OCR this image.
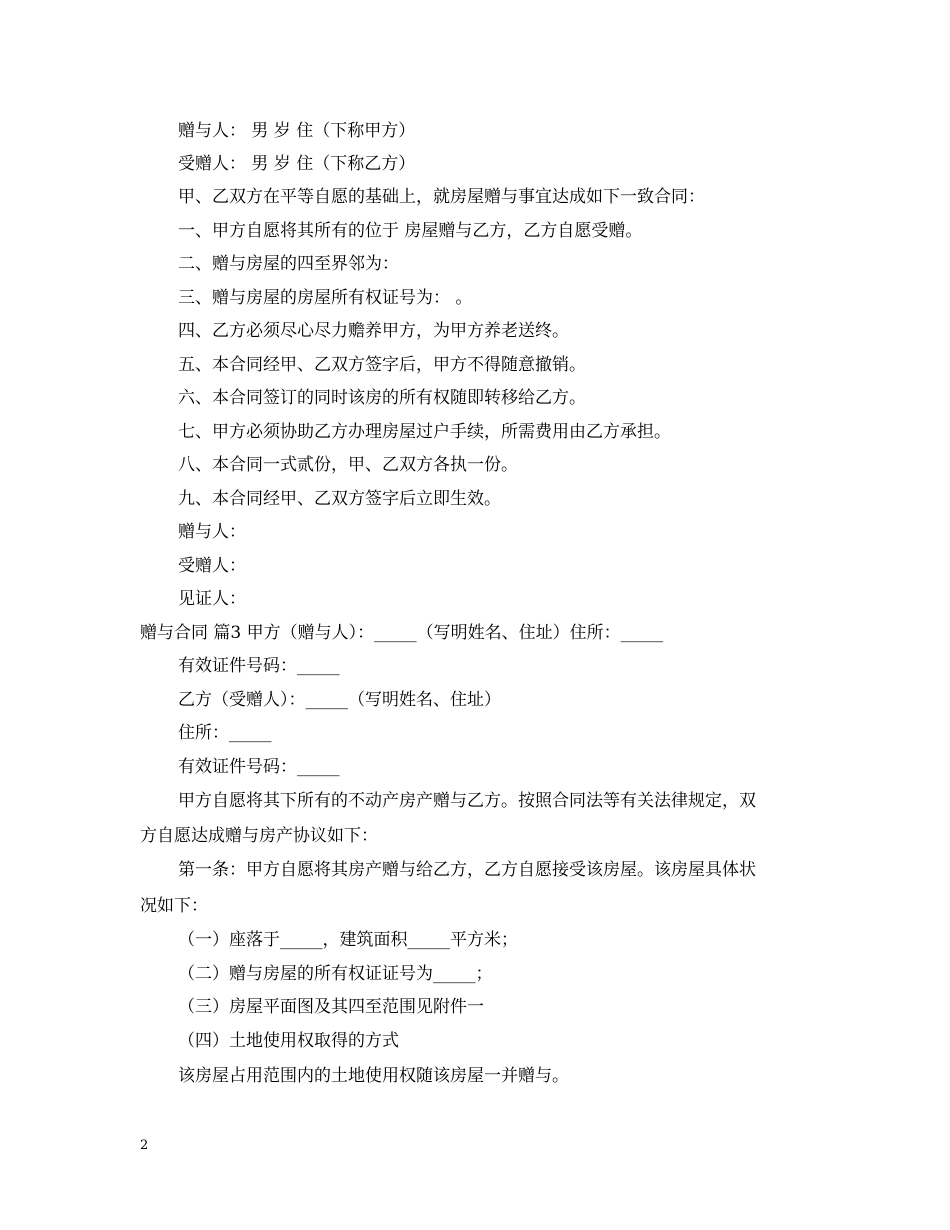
赠与人： 男 岁 住（下称甲方）
受赠人： 男 岁 住（下称乙方）
甲、乙双方在平等自愿的基础上，就房屋赠与事宜达成如下一致合同：
一、甲方自愿将其所有的位于 房屋赠与乙方，乙方自愿受赠。
二、赠与房屋的四至界邻为：
三、赠与房屋的房屋所有权证号为： 。
四、乙方必须尽心尽力赡养甲方，为甲方养老送终。
五、本合同经甲、乙双方签字后，甲方不得随意撤销。
六、本合同签订的同时该房的所有权随即转移给乙方。
七、甲方必须协助乙方办理房屋过户手续，所需费用由乙方承担。
八、本合同一式贰份，甲、乙双方各执一份。
九、本合同经甲、乙双方签字后立即生效。
赠与人：
受赠人：
见证人：
赠与合同 篇3 甲方（赠与人）：_____（写明姓名、住址）住所：_____
有效证件号码：_____
乙方（受赠人）：_____（写明姓名、住址）
住所：_____
有效证件号码：_____
甲方自愿将其下所有的不动产房产赠与乙方。按照合同法等有关法律规定，双
方自愿达成赠与房产协议如下：
第一条：甲方自愿将其房产赠与给乙方，乙方自愿接受该房屋。该房屋具体状
况如下：
（一）座落于_____，建筑面积_____平方米；
（二）赠与房屋的所有权证证号为_____；
（三）房屋平面图及其四至范围见附件一
（四）土地使用权取得的方式
该房屋占用范围内的土地使用权随该房屋一并赠与。
2
